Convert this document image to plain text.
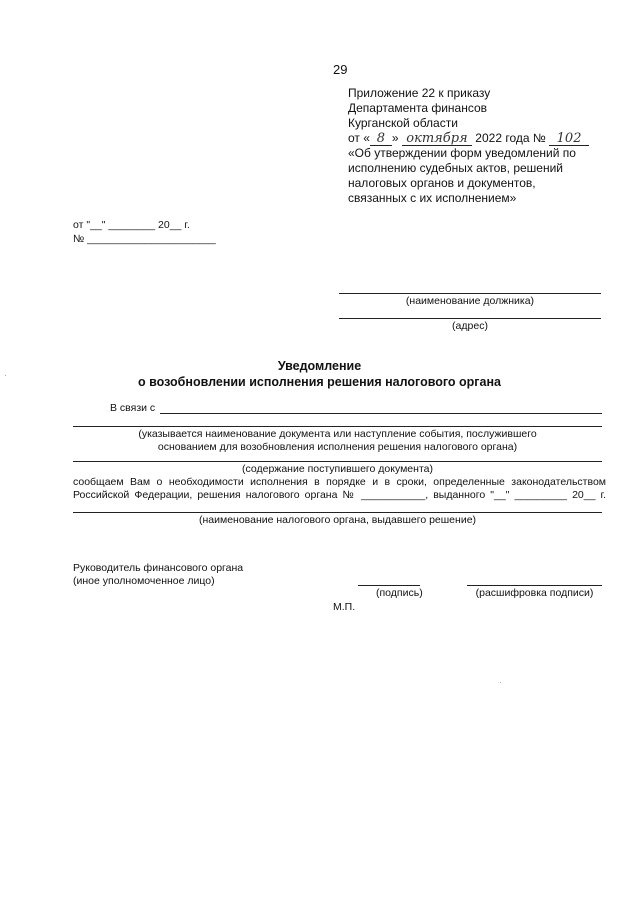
29
Приложение 22 к приказу
Департамента финансов
Курганской области
от « 8 » октября 2022 года № 102
«Об утверждении форм уведомлений по
исполнению судебных актов, решений
налоговых органов и документов,
связанных с их исполнением»
от "__" ________ 20__ г.
№ ______________________
(наименование должника)
(адрес)
Уведомление
о возобновлении исполнения решения налогового органа
В связи с
(указывается наименование документа или наступление события, послужившего
основанием для возобновления исполнения решения налогового органа)
(содержание поступившего документа)
сообщаем Вам о необходимости исполнения в порядке и в сроки, определенные законодательством
Российской Федерации, решения налогового органа № ___________, выданного "__" _________ 20__ г.
(наименование налогового органа, выдавшего решение)
Руководитель финансового органа
(иное уполномоченное лицо)
(подпись)	(расшифровка подписи)
М.П.
